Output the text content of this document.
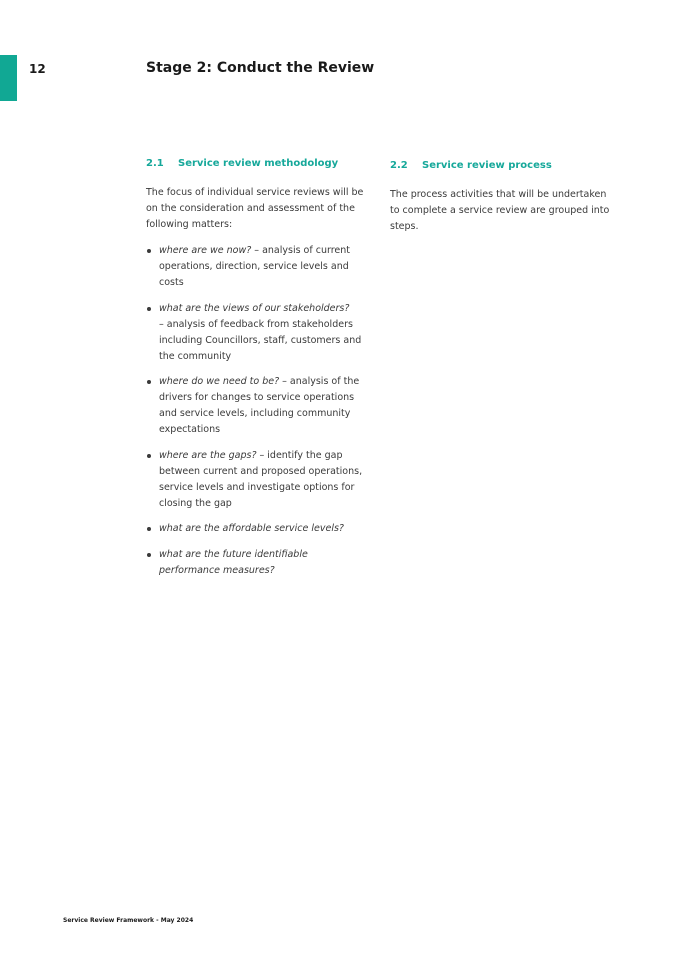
12	Stage 2: Conduct the Review
2.1 Service review methodology

The focus of individual service reviews will be on the consideration and assessment of the following matters:

where are we now? – analysis of current operations, direction, service levels and costs
what are the views of our stakeholders?
– analysis of feedback from stakeholders including Councillors, staff, customers and the community
where do we need to be? – analysis of the drivers for changes to service operations and service levels, including community expectations
where are the gaps? – identify the gap between current and proposed operations, service levels and investigate options for closing the gap
what are the affordable service levels?
what are the future identifiable performance measures?
2.2 Service review process

The process activities that will be undertaken to complete a service review are grouped into steps.

Service Review Framework - May 2024
